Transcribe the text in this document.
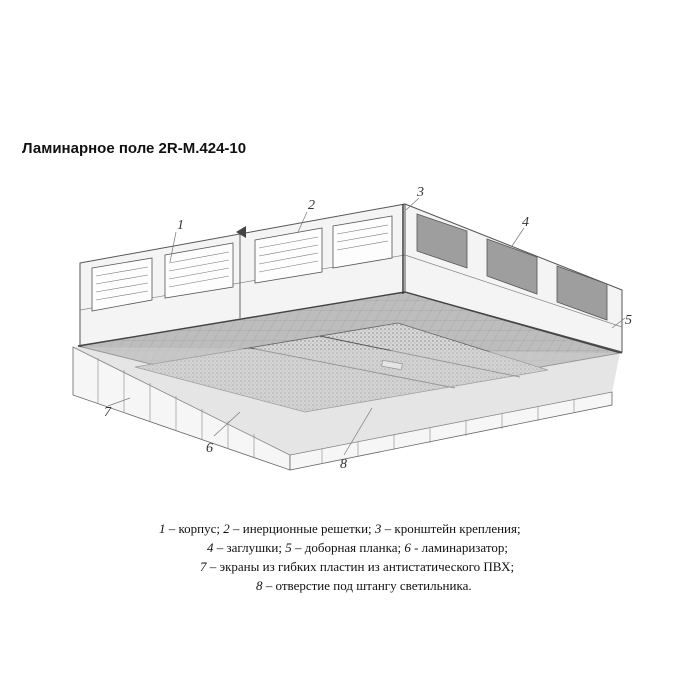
Ламинарное поле 2R-M.424-10
1
2
3
4
5
6
7
8
1 – корпус; 2 – инерционные решетки; 3 – кронштейн крепления;
4 – заглушки; 5 – доборная планка; 6 - ламинаризатор;
7 – экраны из гибких пластин из антистатического ПВХ;
8 – отверстие под штангу светильника.
